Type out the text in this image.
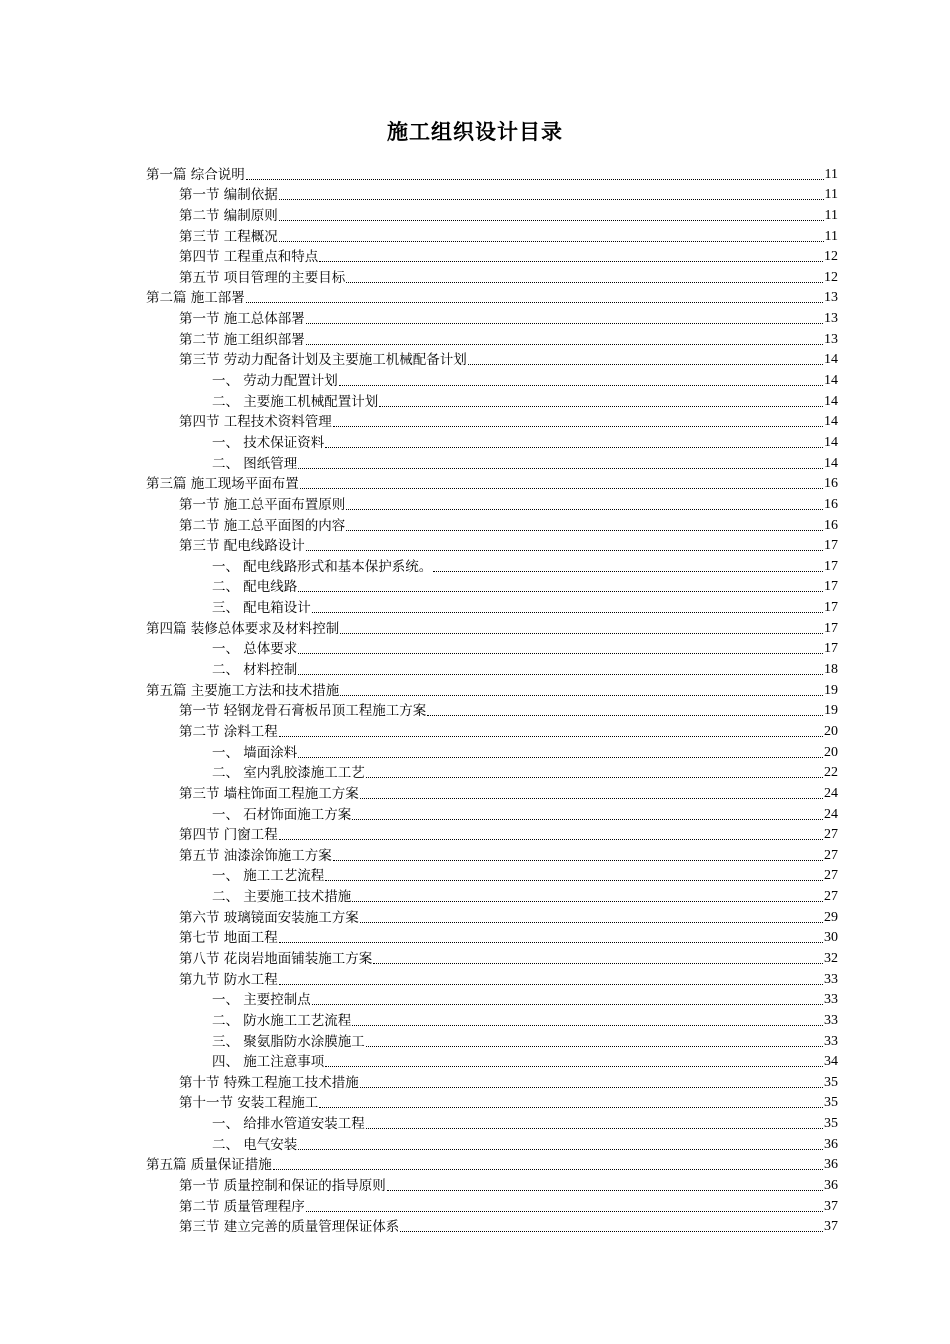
施工组织设计目录
第一篇 综合说明	11
第一节 编制依据	11
第二节 编制原则	11
第三节 工程概况	11
第四节 工程重点和特点	12
第五节 项目管理的主要目标	12
第二篇 施工部署	13
第一节 施工总体部署	13
第二节 施工组织部署	13
第三节 劳动力配备计划及主要施工机械配备计划	14
一、 劳动力配置计划	14
二、 主要施工机械配置计划	14
第四节 工程技术资料管理	14
一、 技术保证资料	14
二、 图纸管理	14
第三篇 施工现场平面布置	16
第一节 施工总平面布置原则	16
第二节 施工总平面图的内容	16
第三节 配电线路设计	17
一、 配电线路形式和基本保护系统。	17
二、 配电线路	17
三、 配电箱设计	17
第四篇 装修总体要求及材料控制	17
一、 总体要求	17
二、 材料控制	18
第五篇 主要施工方法和技术措施	19
第一节 轻钢龙骨石膏板吊顶工程施工方案	19
第二节 涂料工程	20
一、 墙面涂料	20
二、 室内乳胶漆施工工艺	22
第三节 墙柱饰面工程施工方案	24
一、 石材饰面施工方案	24
第四节 门窗工程	27
第五节 油漆涂饰施工方案	27
一、 施工工艺流程	27
二、 主要施工技术措施	27
第六节 玻璃镜面安装施工方案	29
第七节 地面工程	30
第八节 花岗岩地面铺装施工方案	32
第九节 防水工程	33
一、 主要控制点	33
二、 防水施工工艺流程	33
三、 聚氨脂防水涂膜施工	33
四、 施工注意事项	34
第十节 特殊工程施工技术措施	35
第十一节 安装工程施工	35
一、 给排水管道安装工程	35
二、 电气安装	36
第五篇 质量保证措施	36
第一节 质量控制和保证的指导原则	36
第二节 质量管理程序	37
第三节 建立完善的质量管理保证体系	37
